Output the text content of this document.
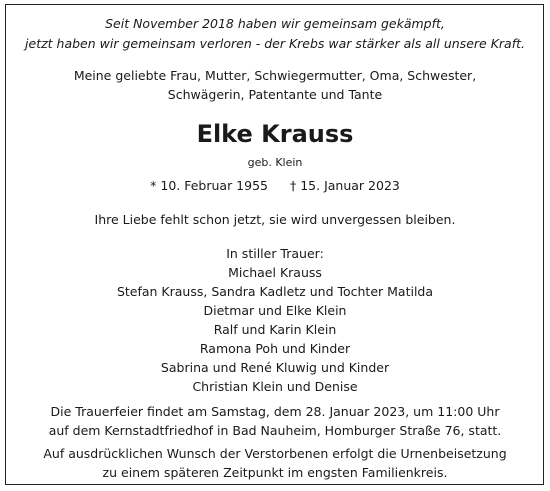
Seit November 2018 haben wir gemeinsam gekämpft,
jetzt haben wir gemeinsam verloren - der Krebs war stärker als all unsere Kraft.
Meine geliebte Frau, Mutter, Schwiegermutter, Oma, Schwester,
Schwägerin, Patentante und Tante
Elke Krauss
geb. Klein
* 10. Februar 1955 † 15. Januar 2023
Ihre Liebe fehlt schon jetzt, sie wird unvergessen bleiben.
In stiller Trauer:
Michael Krauss
Stefan Krauss, Sandra Kadletz und Tochter Matilda
Dietmar und Elke Klein
Ralf und Karin Klein
Ramona Poh und Kinder
Sabrina und René Kluwig und Kinder
Christian Klein und Denise
Die Trauerfeier findet am Samstag, dem 28. Januar 2023, um 11:00 Uhr
auf dem Kernstadtfriedhof in Bad Nauheim, Homburger Straße 76, statt.
Auf ausdrücklichen Wunsch der Verstorbenen erfolgt die Urnenbeisetzung
zu einem späteren Zeitpunkt im engsten Familienkreis.
